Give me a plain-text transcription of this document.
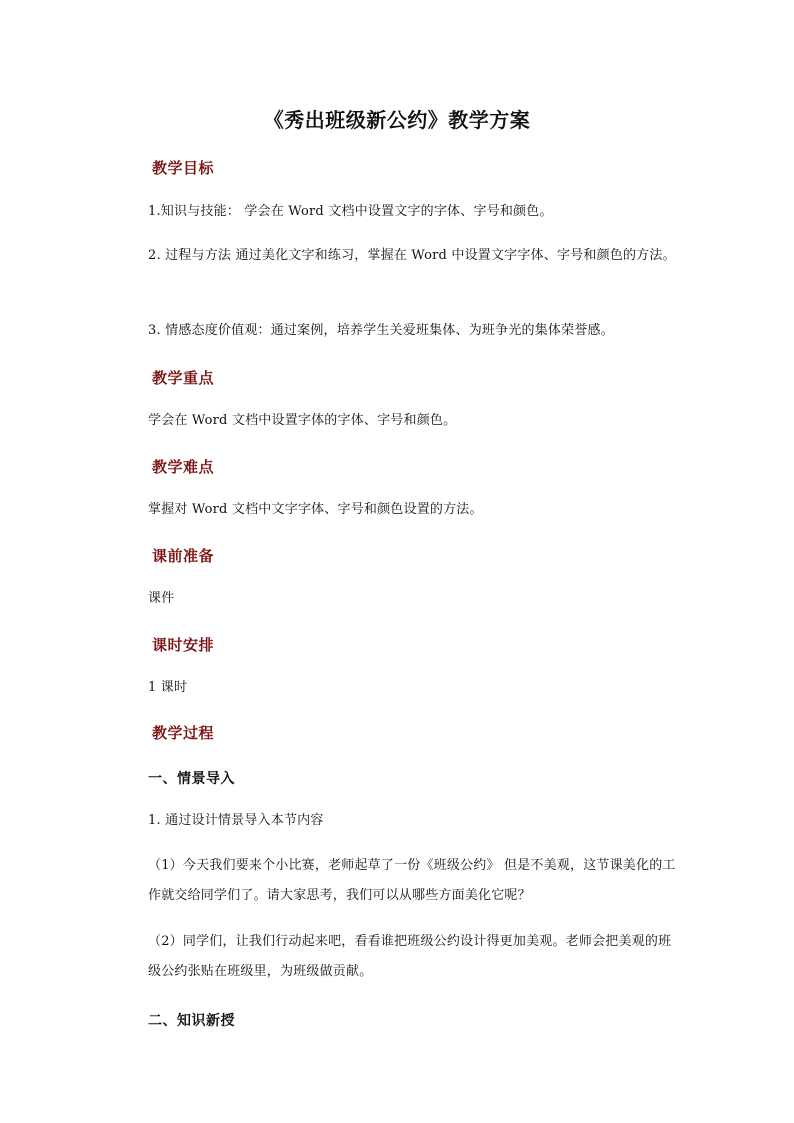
《秀出班级新公约》教学方案
教学目标

1.知识与技能： 学会在 Word 文档中设置文字的字体、字号和颜色。

2. 过程与方法 通过美化文字和练习，掌握在 Word 中设置文字字体、字号和颜色的方法。

3. 情感态度价值观：通过案例，培养学生关爱班集体、为班争光的集体荣誉感。

教学重点

学会在 Word 文档中设置字体的字体、字号和颜色。

教学难点

掌握对 Word 文档中文字字体、字号和颜色设置的方法。

课前准备

课件

课时安排

1 课时

教学过程
一、情景导入

1. 通过设计情景导入本节内容

（1）今天我们要来个小比赛，老师起草了一份《班级公约》 但是不美观，这节课美化的工作就交给同学们了。请大家思考，我们可以从哪些方面美化它呢？

（2）同学们，让我们行动起来吧，看看谁把班级公约设计得更加美观。老师会把美观的班级公约张贴在班级里，为班级做贡献。

二、知识新授
